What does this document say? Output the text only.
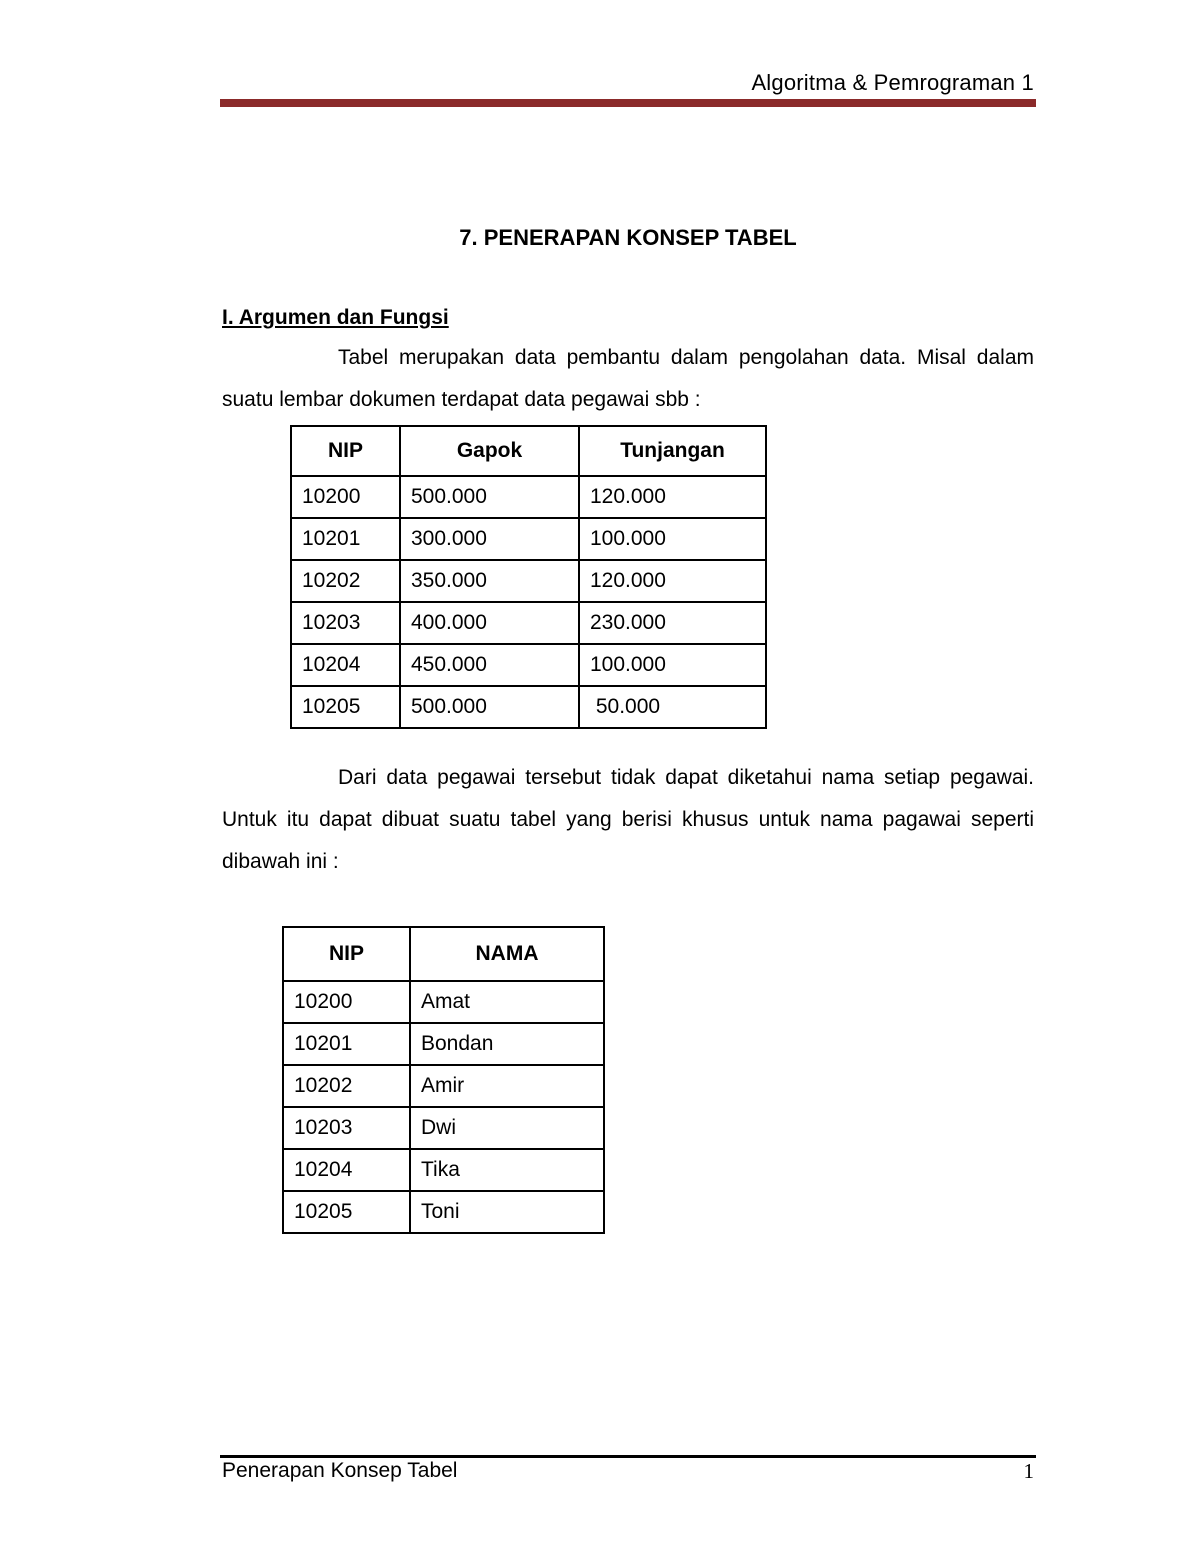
Algoritma & Pemrograman 1
7. PENERAPAN KONSEP TABEL
I. Argumen dan Fungsi

Tabel merupakan data pembantu dalam pengolahan data. Misal dalam suatu lembar dokumen terdapat data pegawai sbb :

NIP	Gapok	Tunjangan
10200	500.000	120.000
10201	300.000	100.000
10202	350.000	120.000
10203	400.000	230.000
10204	450.000	100.000
10205	500.000	50.000

Dari data pegawai tersebut tidak dapat diketahui nama setiap pegawai. Untuk itu dapat dibuat suatu tabel yang berisi khusus untuk nama pagawai seperti dibawah ini :

NIP	NAMA
10200	Amat
10201	Bondan
10202	Amir
10203	Dwi
10204	Tika
10205	Toni
Penerapan Konsep Tabel	1
